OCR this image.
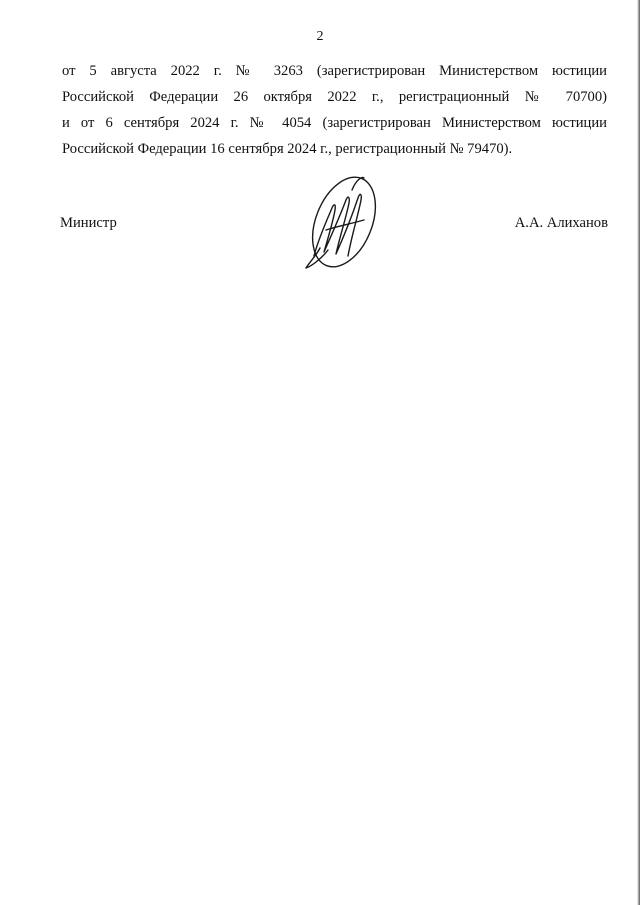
2
от 5 августа 2022 г. № 3263 (зарегистрирован Министерством юстиции
Российской Федерации 26 октября 2022 г., регистрационный № 70700)
и от 6 сентября 2024 г. № 4054 (зарегистрирован Министерством юстиции
Российской Федерации 16 сентября 2024 г., регистрационный № 79470).
Министр	А.А. Алиханов
